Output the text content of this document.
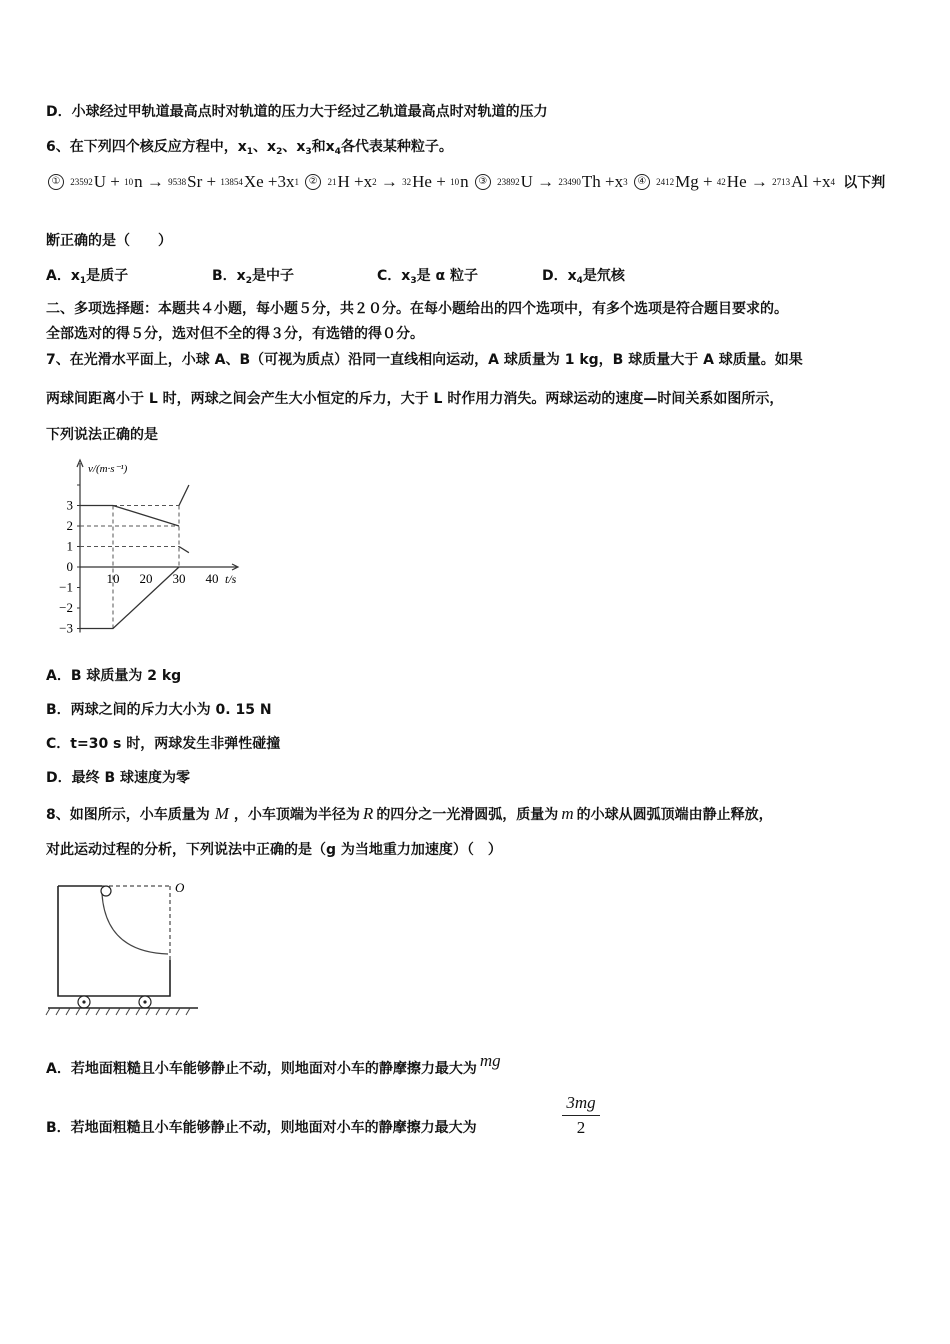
D．小球经过甲轨道最高点时对轨道的压力大于经过乙轨道最高点时对轨道的压力
6、在下列四个核反应方程中，$x_1$、$x_2$、$x_3$和$x_4$各代表某种粒子。
① 23592U + 10n → 9538Sr + 13854Xe +3x1 ② 21H +x2 → 32He + 10n ③ 23892U → 23490Th +x3 ④ 2412Mg + 42He → 2713Al +x4 以下判
断正确的是（　　）
A．$x_1$是质子	B．$x_2$是中子	C．$x_3$是 α 粒子	D．$x_4$是氘核
二、多项选择题：本题共４小题，每小题５分，共２０分。在每小题给出的四个选项中，有多个选项是符合题目要求的。
全部选对的得５分，选对但不全的得３分，有选错的得０分。
7、在光滑水平面上，小球 A、B（可视为质点）沿同一直线相向运动，A 球质量为 1 kg，B 球质量大于 A 球质量。如果
两球间距离小于 L 时，两球之间会产生大小恒定的斥力，大于 L 时作用力消失。两球运动的速度—时间关系如图所示，
下列说法正确的是
3
2
1
0
−1
−2
−3
10 20 30 40
v/(m·s⁻¹)
t/s
A．B 球质量为 2 kg
B．两球之间的斥力大小为 0. 15 N
C．t=30 s 时，两球发生非弹性碰撞
D．最终 B 球速度为零
8、如图所示，小车质量为 M ，小车顶端为半径为 R 的四分之一光滑圆弧，质量为 m 的小球从圆弧顶端由静止释放，
对此运动过程的分析，下列说法中正确的是（g 为当地重力加速度）（　）
O
A．若地面粗糙且小车能够静止不动，则地面对小车的静摩擦力最大为 mg
B．若地面粗糙且小车能够静止不动，则地面对小车的静摩擦力最大为	$\frac{3mg}{2}$
